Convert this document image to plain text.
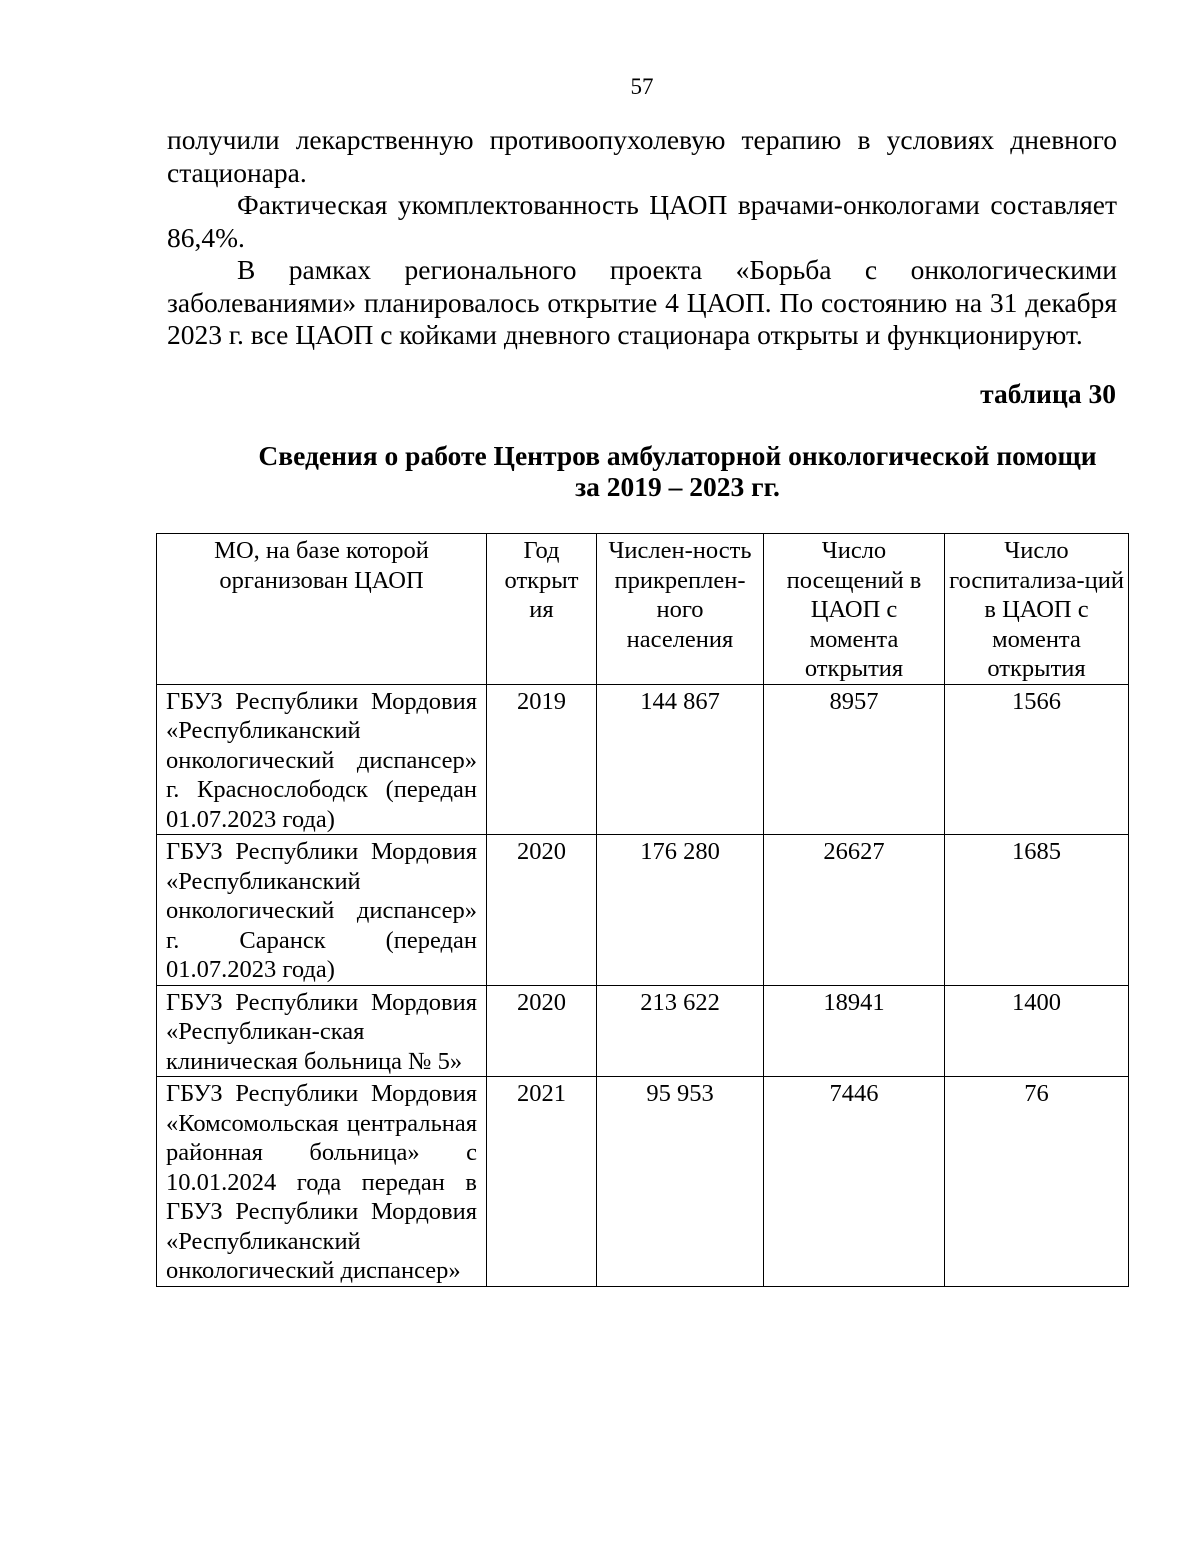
57

получили лекарственную противоопухолевую терапию в условиях дневного стационара.

Фактическая укомплектованность ЦАОП врачами-онкологами составляет 86,4%.

В рамках регионального проекта «Борьба с онкологическими заболеваниями» планировалось открытие 4 ЦАОП. По состоянию на 31 декабря 2023 г. все ЦАОП с койками дневного стационара открыты и функционируют.

таблица 30
Сведения о работе Центров амбулаторной онкологической помощи за 2019 – 2023 гг.
МО, на базе которой организован ЦАОП	Год открыт ия	Числен-ность прикреплен-ного населения	Число посещений в ЦАОП с момента открытия	Число госпитализа-ций в ЦАОП с момента открытия
ГБУЗ Республики Мордовия «Республиканский онкологический диспансер» г. Краснослободск (передан 01.07.2023 года)	2019	144 867	8957	1566
ГБУЗ Республики Мордовия «Республиканский онкологический диспансер» г. Саранск (передан 01.07.2023 года)	2020	176 280	26627	1685
ГБУЗ Республики Мордовия «Республикан-ская клиническая больница № 5»	2020	213 622	18941	1400
ГБУЗ Республики Мордовия «Комсомольская центральная районная больница» с 10.01.2024 года передан в ГБУЗ Республики Мордовия «Республиканский онкологический диспансер»	2021	95 953	7446	76
